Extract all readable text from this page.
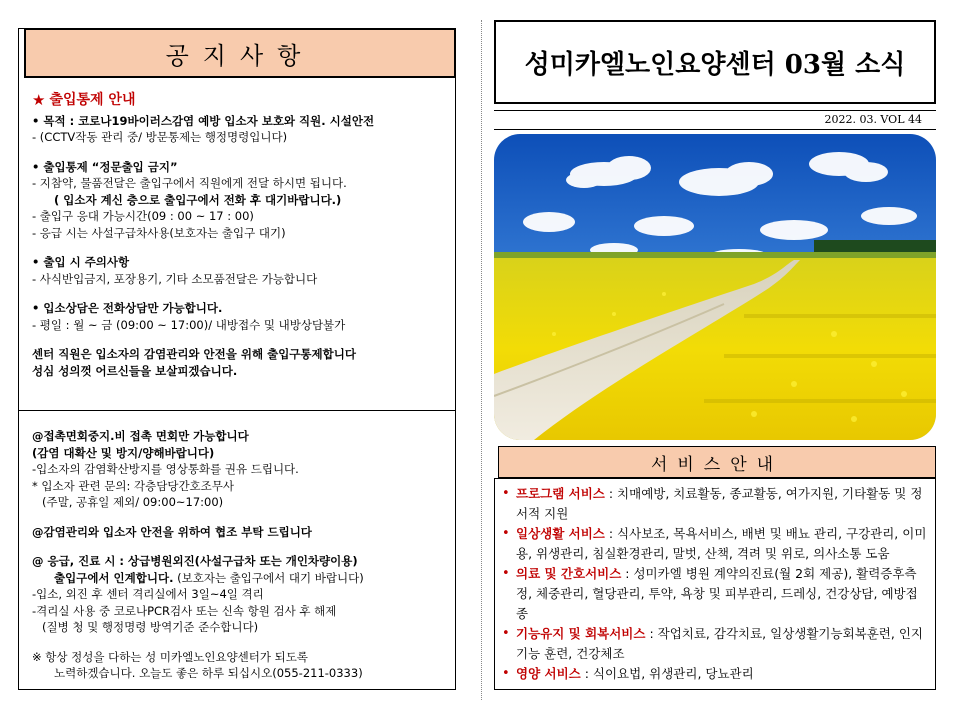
공지사항
★ 출입통제 안내
• 목적 : 코로나19바이러스감염 예방 입소자 보호와 직원. 시설안전
- (CCTV작동 관리 중/ 방문통제는 행정명령입니다)
• 출입통제 “정문출입 금지”
- 지참약, 물품전달은 출입구에서 직원에게 전달 하시면 됩니다.
( 입소자 계신 층으로 출입구에서 전화 후 대기바랍니다.)
- 출입구 응대 가능시간(09 : 00 ~ 17 : 00)
- 응급 시는 사설구급차사용(보호자는 출입구 대기)
• 출입 시 주의사항
- 사식반입금지, 포장용기, 기타 소모품전달은 가능합니다
• 입소상담은 전화상담만 가능합니다.
- 평일 : 월 ~ 금 (09:00 ~ 17:00)/ 내방접수 및 내방상담불가
센터 직원은 입소자의 감염관리와 안전을 위해 출입구통제합니다
성심 성의껏 어르신들을 보살피겠습니다.
@접촉면회중지.비 접촉 면회만 가능합니다
(감염 대확산 및 방지/양해바랍니다)
-입소자의 감염확산방지를 영상통화를 권유 드립니다.
* 입소자 관련 문의: 각층담당간호조무사
(주말, 공휴일 제외/ 09:00~17:00)
@감염관리와 입소자 안전을 위하여 협조 부탁 드립니다
@ 응급, 진료 시 : 상급병원외진(사설구급차 또는 개인차량이용)
출입구에서 인계합니다. (보호자는 출입구에서 대기 바랍니다)
-입소, 외진 후 센터 격리실에서 3일~4일 격리
-격리실 사용 중 코로나PCR검사 또는 신속 항원 검사 후 해제
(질병 청 및 행정명령 방역기준 준수합니다)
※ 항상 정성을 다하는 성 미카엘노인요양센터가 되도록
노력하겠습니다. 오늘도 좋은 하루 되십시오(055-211-0333)
성미카엘노인요양센터 03월 소식
2022. 03. VOL 44
서비스안내
• 프로그램 서비스 : 치매예방, 치료활동, 종교활동, 여가지원, 기타활동 및 정서적 지원
• 일상생활 서비스 : 식사보조, 목욕서비스, 배변 및 배뇨 관리, 구강관리, 이미용, 위생관리, 침실환경관리, 말벗, 산책, 격려 및 위로, 의사소통 도움
• 의료 및 간호서비스 : 성미카엘 병원 계약의진료(월 2회 제공), 활력증후측정, 체중관리, 혈당관리, 투약, 욕창 및 피부관리, 드레싱, 건강상담, 예방접종
• 기능유지 및 회복서비스 : 작업치료, 감각치료, 일상생활기능회복훈련, 인지 기능 훈련, 건강체조
• 영양 서비스 : 식이요법, 위생관리, 당뇨관리
